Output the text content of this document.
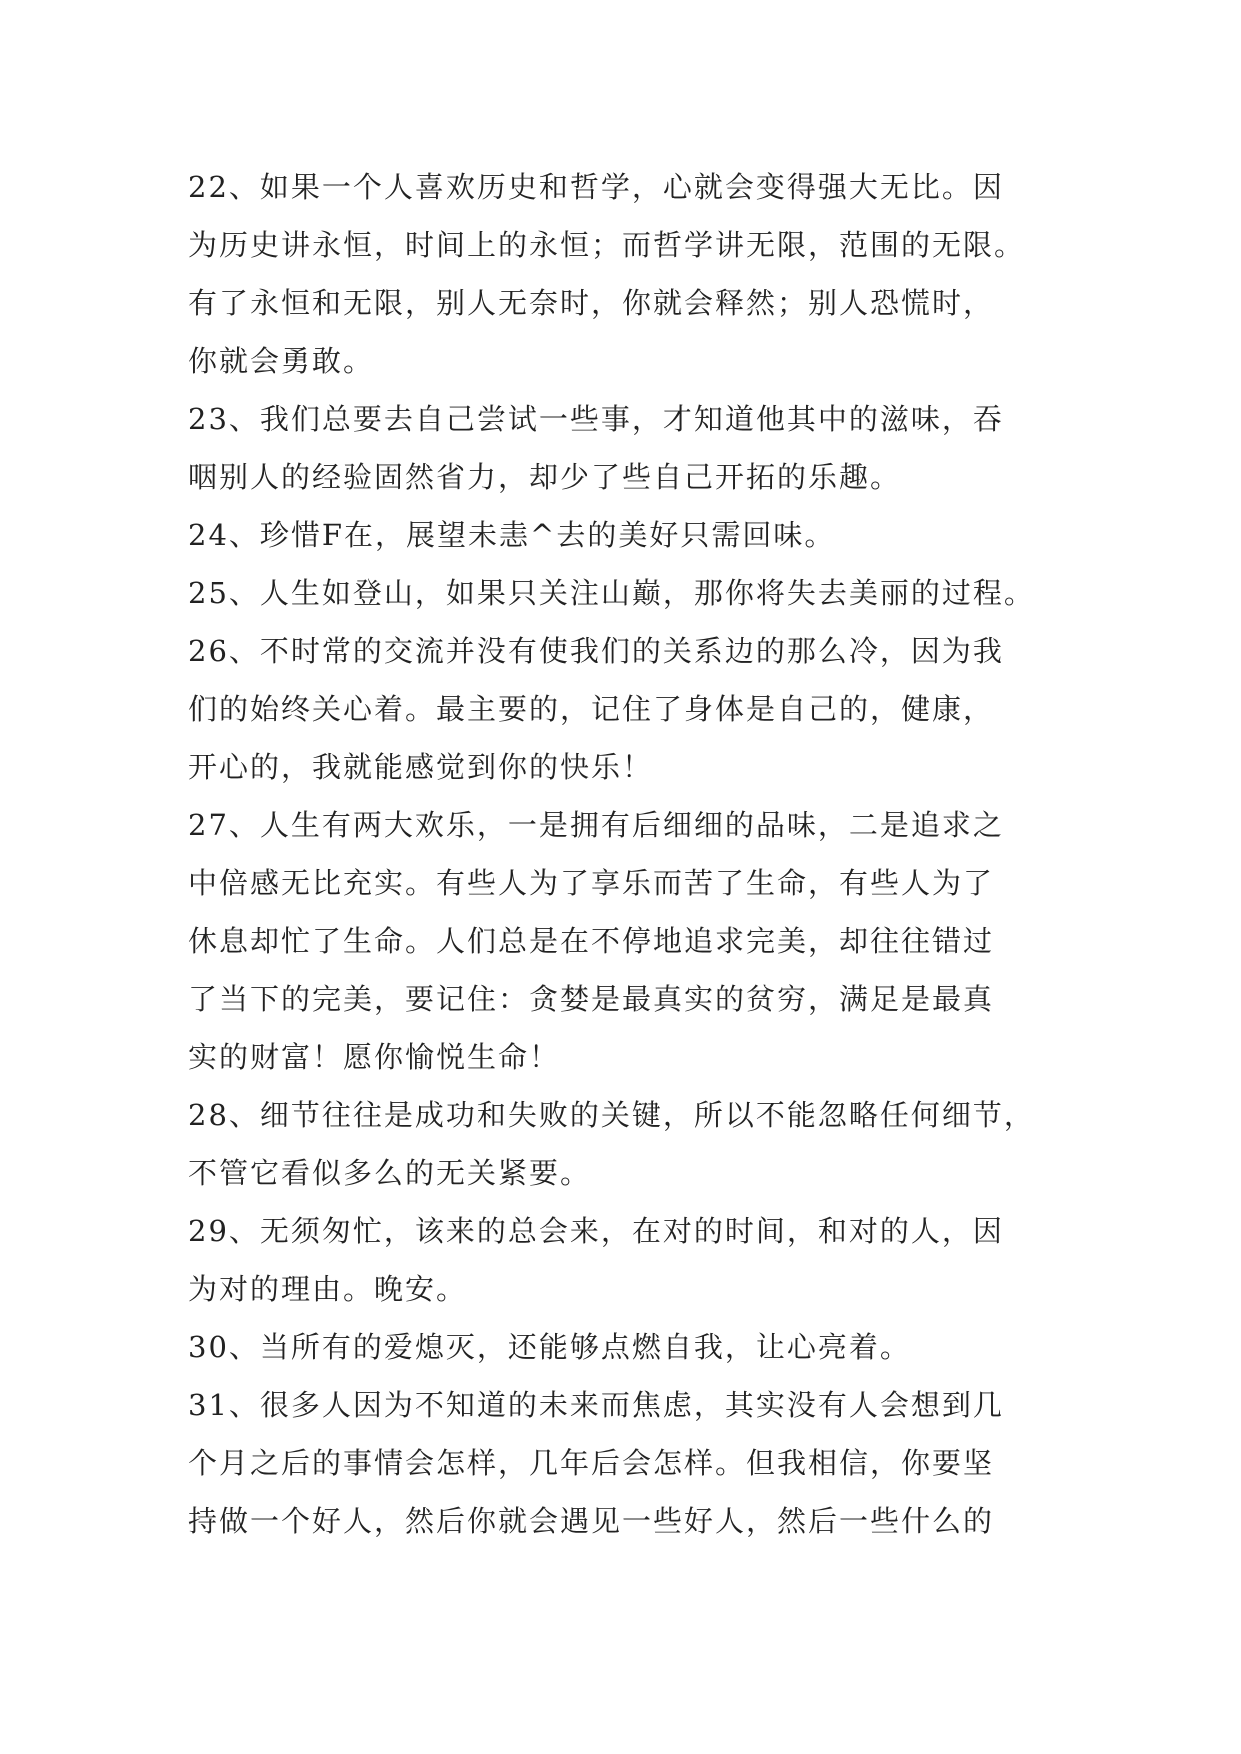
22、如果一个人喜欢历史和哲学，心就会变得强大无比。因
为历史讲永恒，时间上的永恒；而哲学讲无限，范围的无限。
有了永恒和无限，别人无奈时，你就会释然；别人恐慌时，
你就会勇敢。
23、我们总要去自己尝试一些事，才知道他其中的滋味，吞
咽别人的经验固然省力，却少了些自己开拓的乐趣。
24、珍惜F在，展望未恚^去的美好只需回味。
25、人生如登山，如果只关注山巅，那你将失去美丽的过程。
26、不时常的交流并没有使我们的关系边的那么冷，因为我
们的始终关心着。最主要的，记住了身体是自己的，健康，
开心的，我就能感觉到你的快乐！
27、人生有两大欢乐，一是拥有后细细的品味，二是追求之
中倍感无比充实。有些人为了享乐而苦了生命，有些人为了
休息却忙了生命。人们总是在不停地追求完美，却往往错过
了当下的完美，要记住：贪婪是最真实的贫穷，满足是最真
实的财富！愿你愉悦生命！
28、细节往往是成功和失败的关键，所以不能忽略任何细节，
不管它看似多么的无关紧要。
29、无须匆忙，该来的总会来，在对的时间，和对的人，因
为对的理由。晚安。
30、当所有的爱熄灭，还能够点燃自我，让心亮着。
31、很多人因为不知道的未来而焦虑，其实没有人会想到几
个月之后的事情会怎样，几年后会怎样。但我相信，你要坚
持做一个好人，然后你就会遇见一些好人，然后一些什么的
